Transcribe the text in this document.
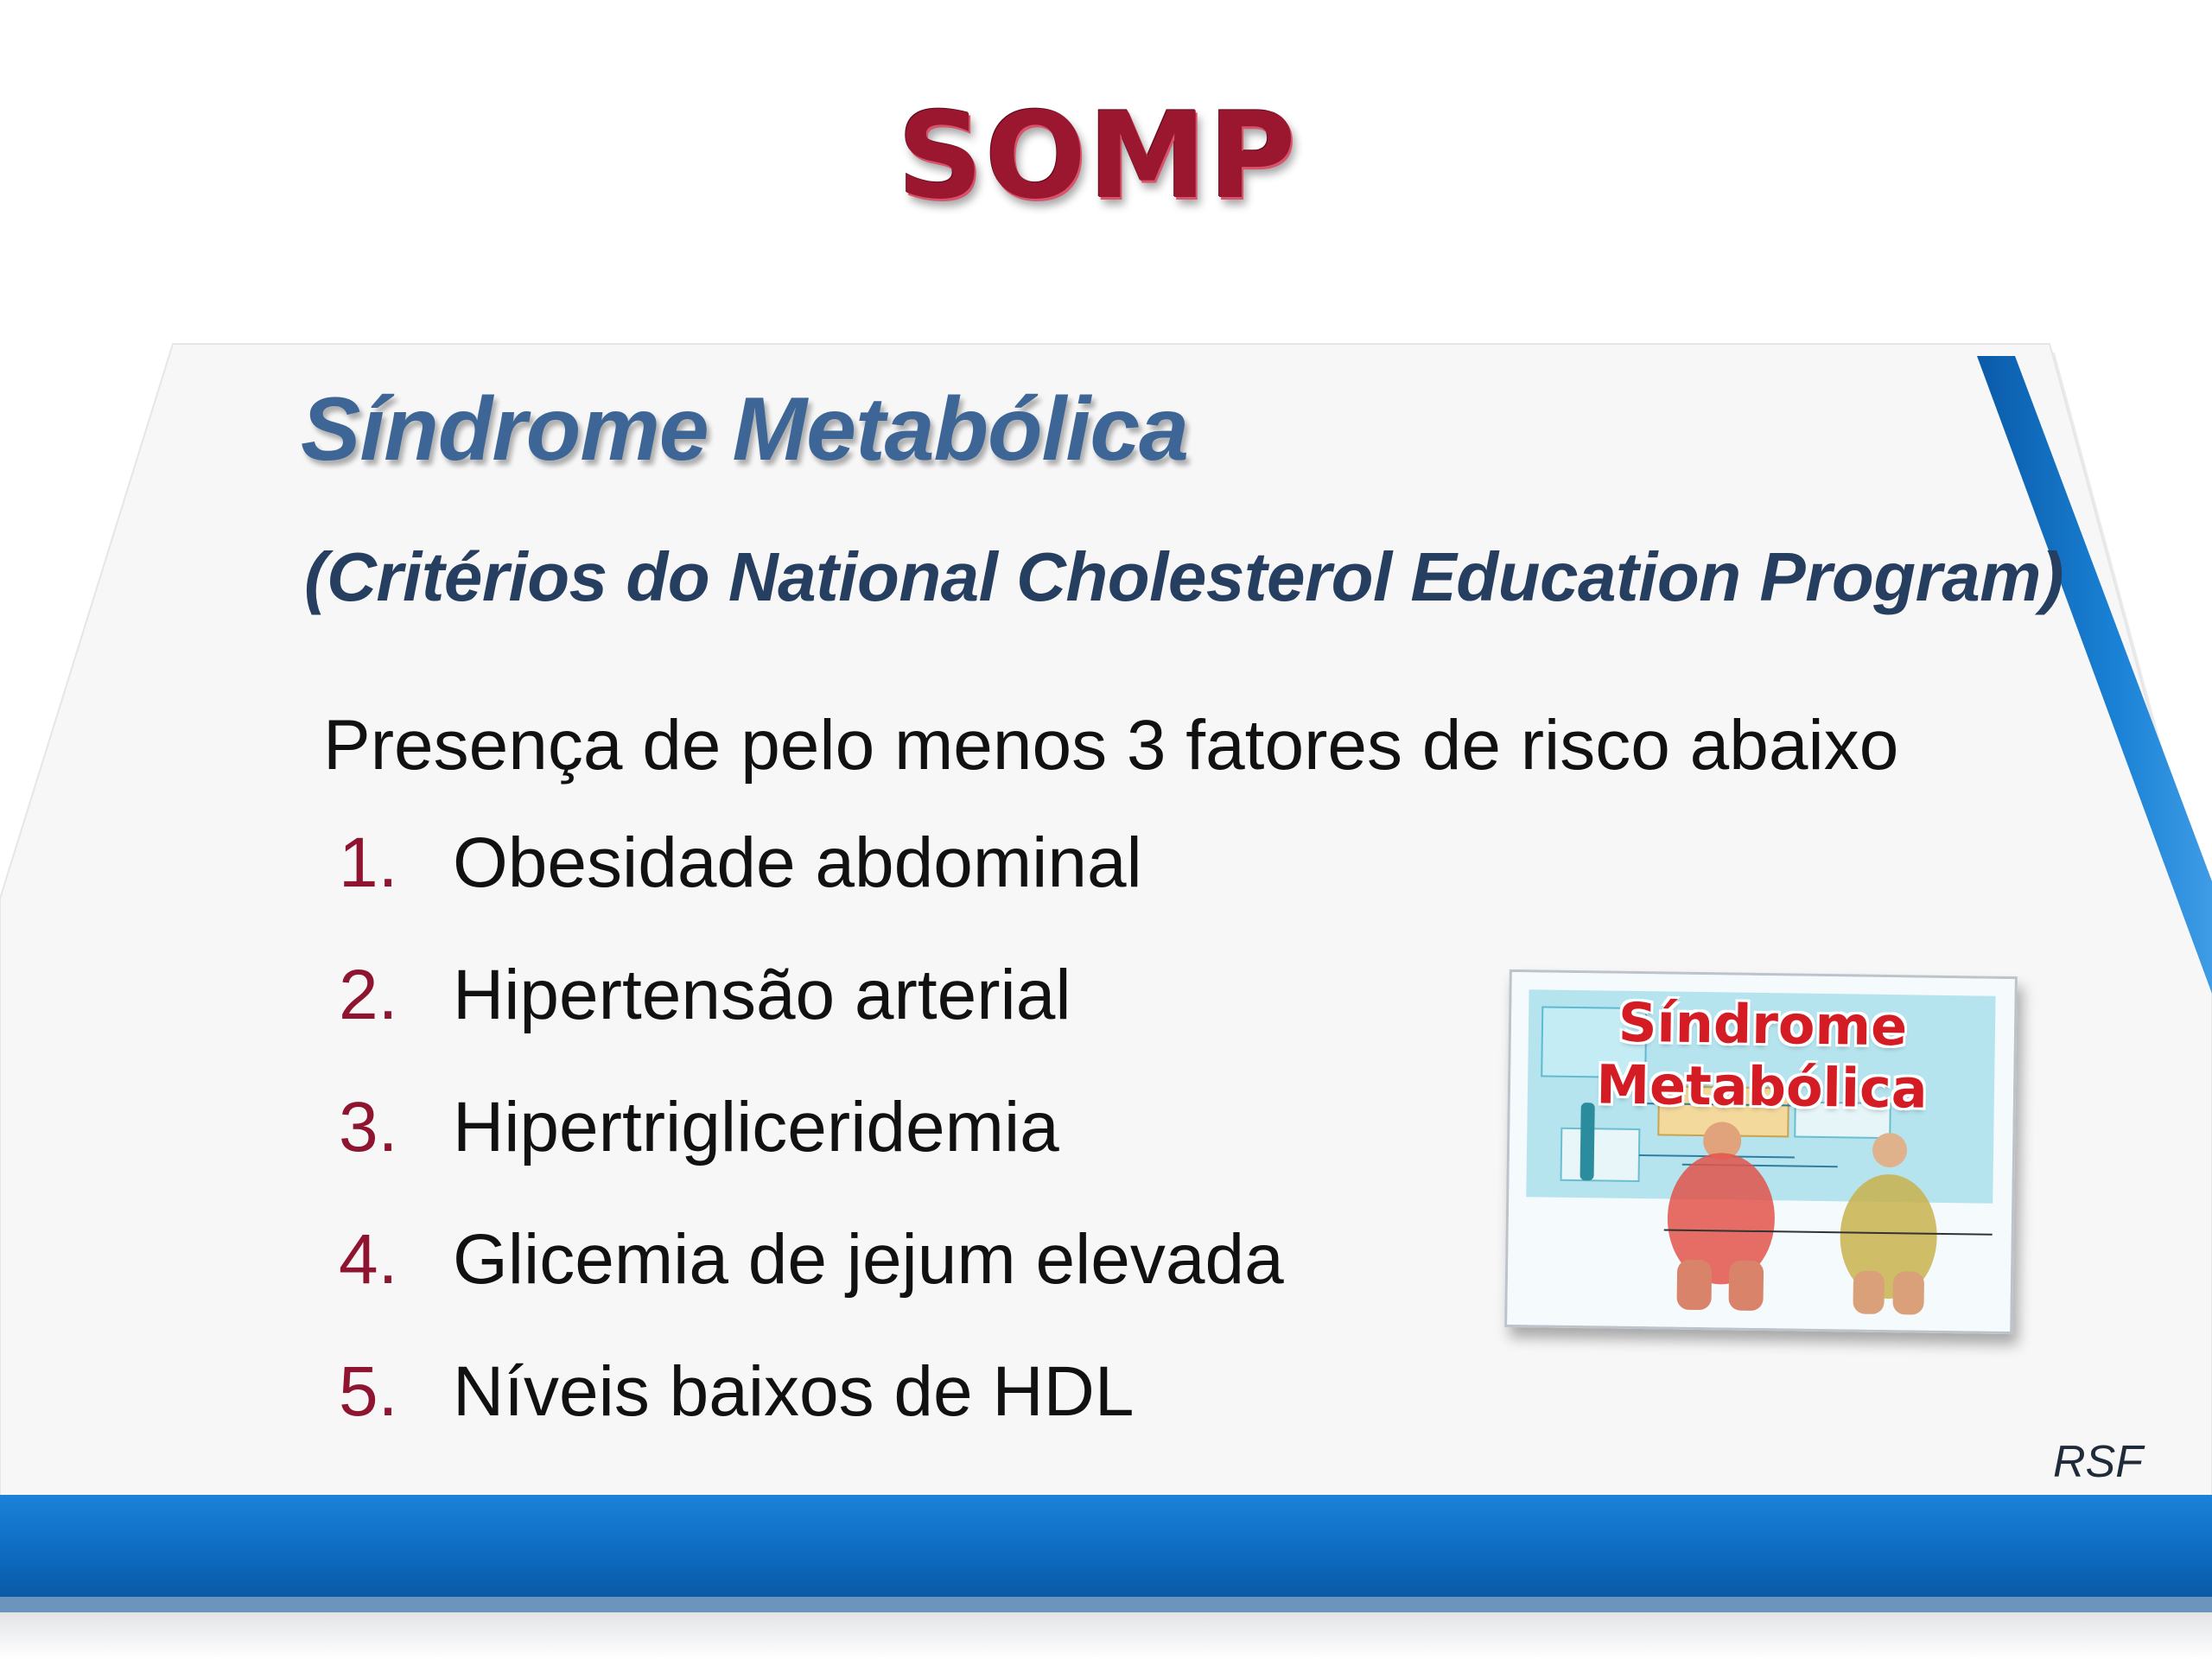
SOMP
Síndrome Metabólica
(Critérios do National Cholesterol Education Program)
Presença de pelo menos 3 fatores de risco abaixo
1. Obesidade abdominal
2. Hipertensão arterial
3. Hipertrigliceridemia
4. Glicemia de jejum elevada
5. Níveis baixos de HDL
Síndrome
Metabólica
RSF
